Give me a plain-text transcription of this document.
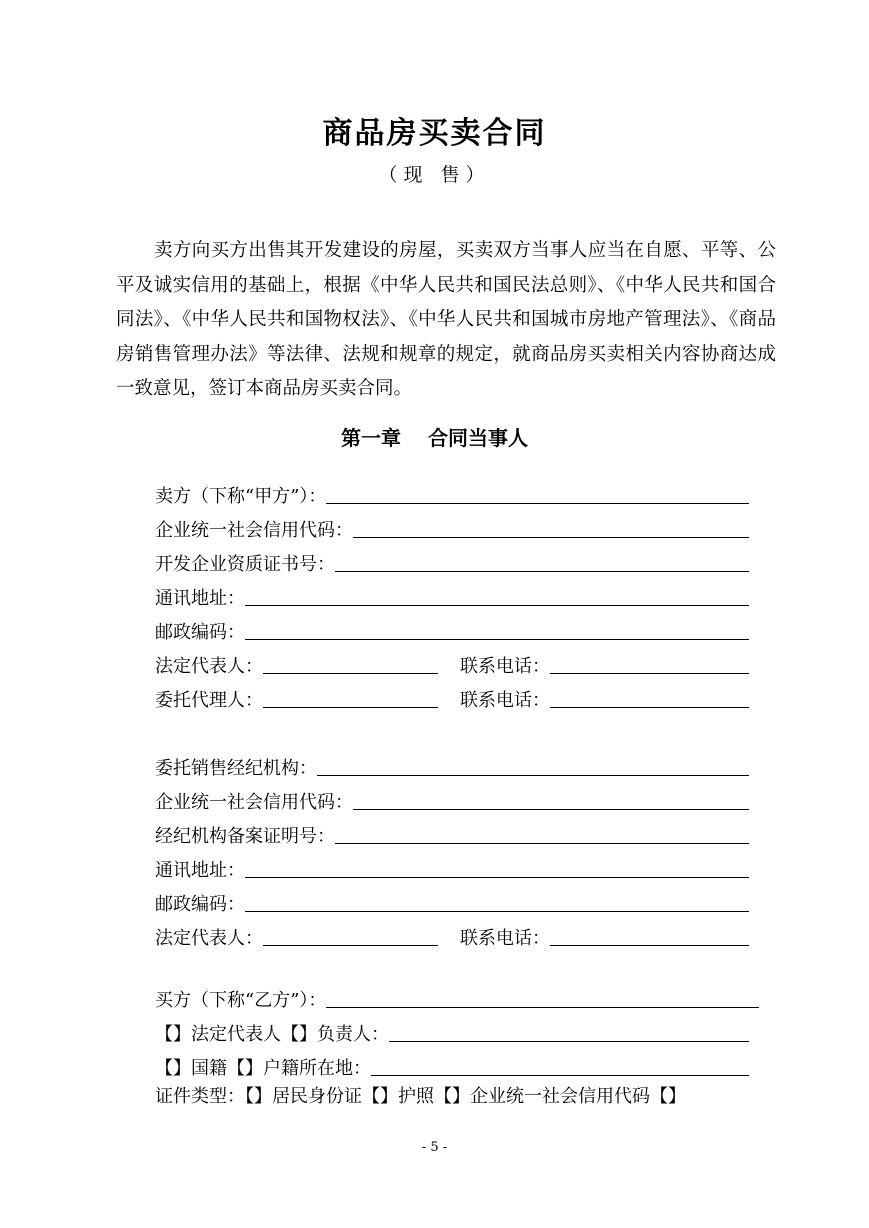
商品房买卖合同
（现 售）
卖方向买方出售其开发建设的房屋，买卖双方当事人应当在自愿、平等、公平及诚实信用的基础上，根据《中华人民共和国民法总则》、《中华人民共和国合同法》、《中华人民共和国物权法》、《中华人民共和国城市房地产管理法》、《商品房销售管理办法》等法律、法规和规章的规定，就商品房买卖相关内容协商达成一致意见，签订本商品房买卖合同。
第一章　 合同当事人
卖方（下称“甲方”）：
企业统一社会信用代码：
开发企业资质证书号：
通讯地址：
邮政编码：
法定代表人：	联系电话：
委托代理人：	联系电话：
委托销售经纪机构：
企业统一社会信用代码：
经纪机构备案证明号：
通讯地址：
邮政编码：
法定代表人：	联系电话：
买方（下称“乙方”）：
【】法定代表人【】负责人：
【】国籍【】户籍所在地：
证件类型：【】居民身份证【】护照【】企业统一社会信用代码【】
- 5 -
